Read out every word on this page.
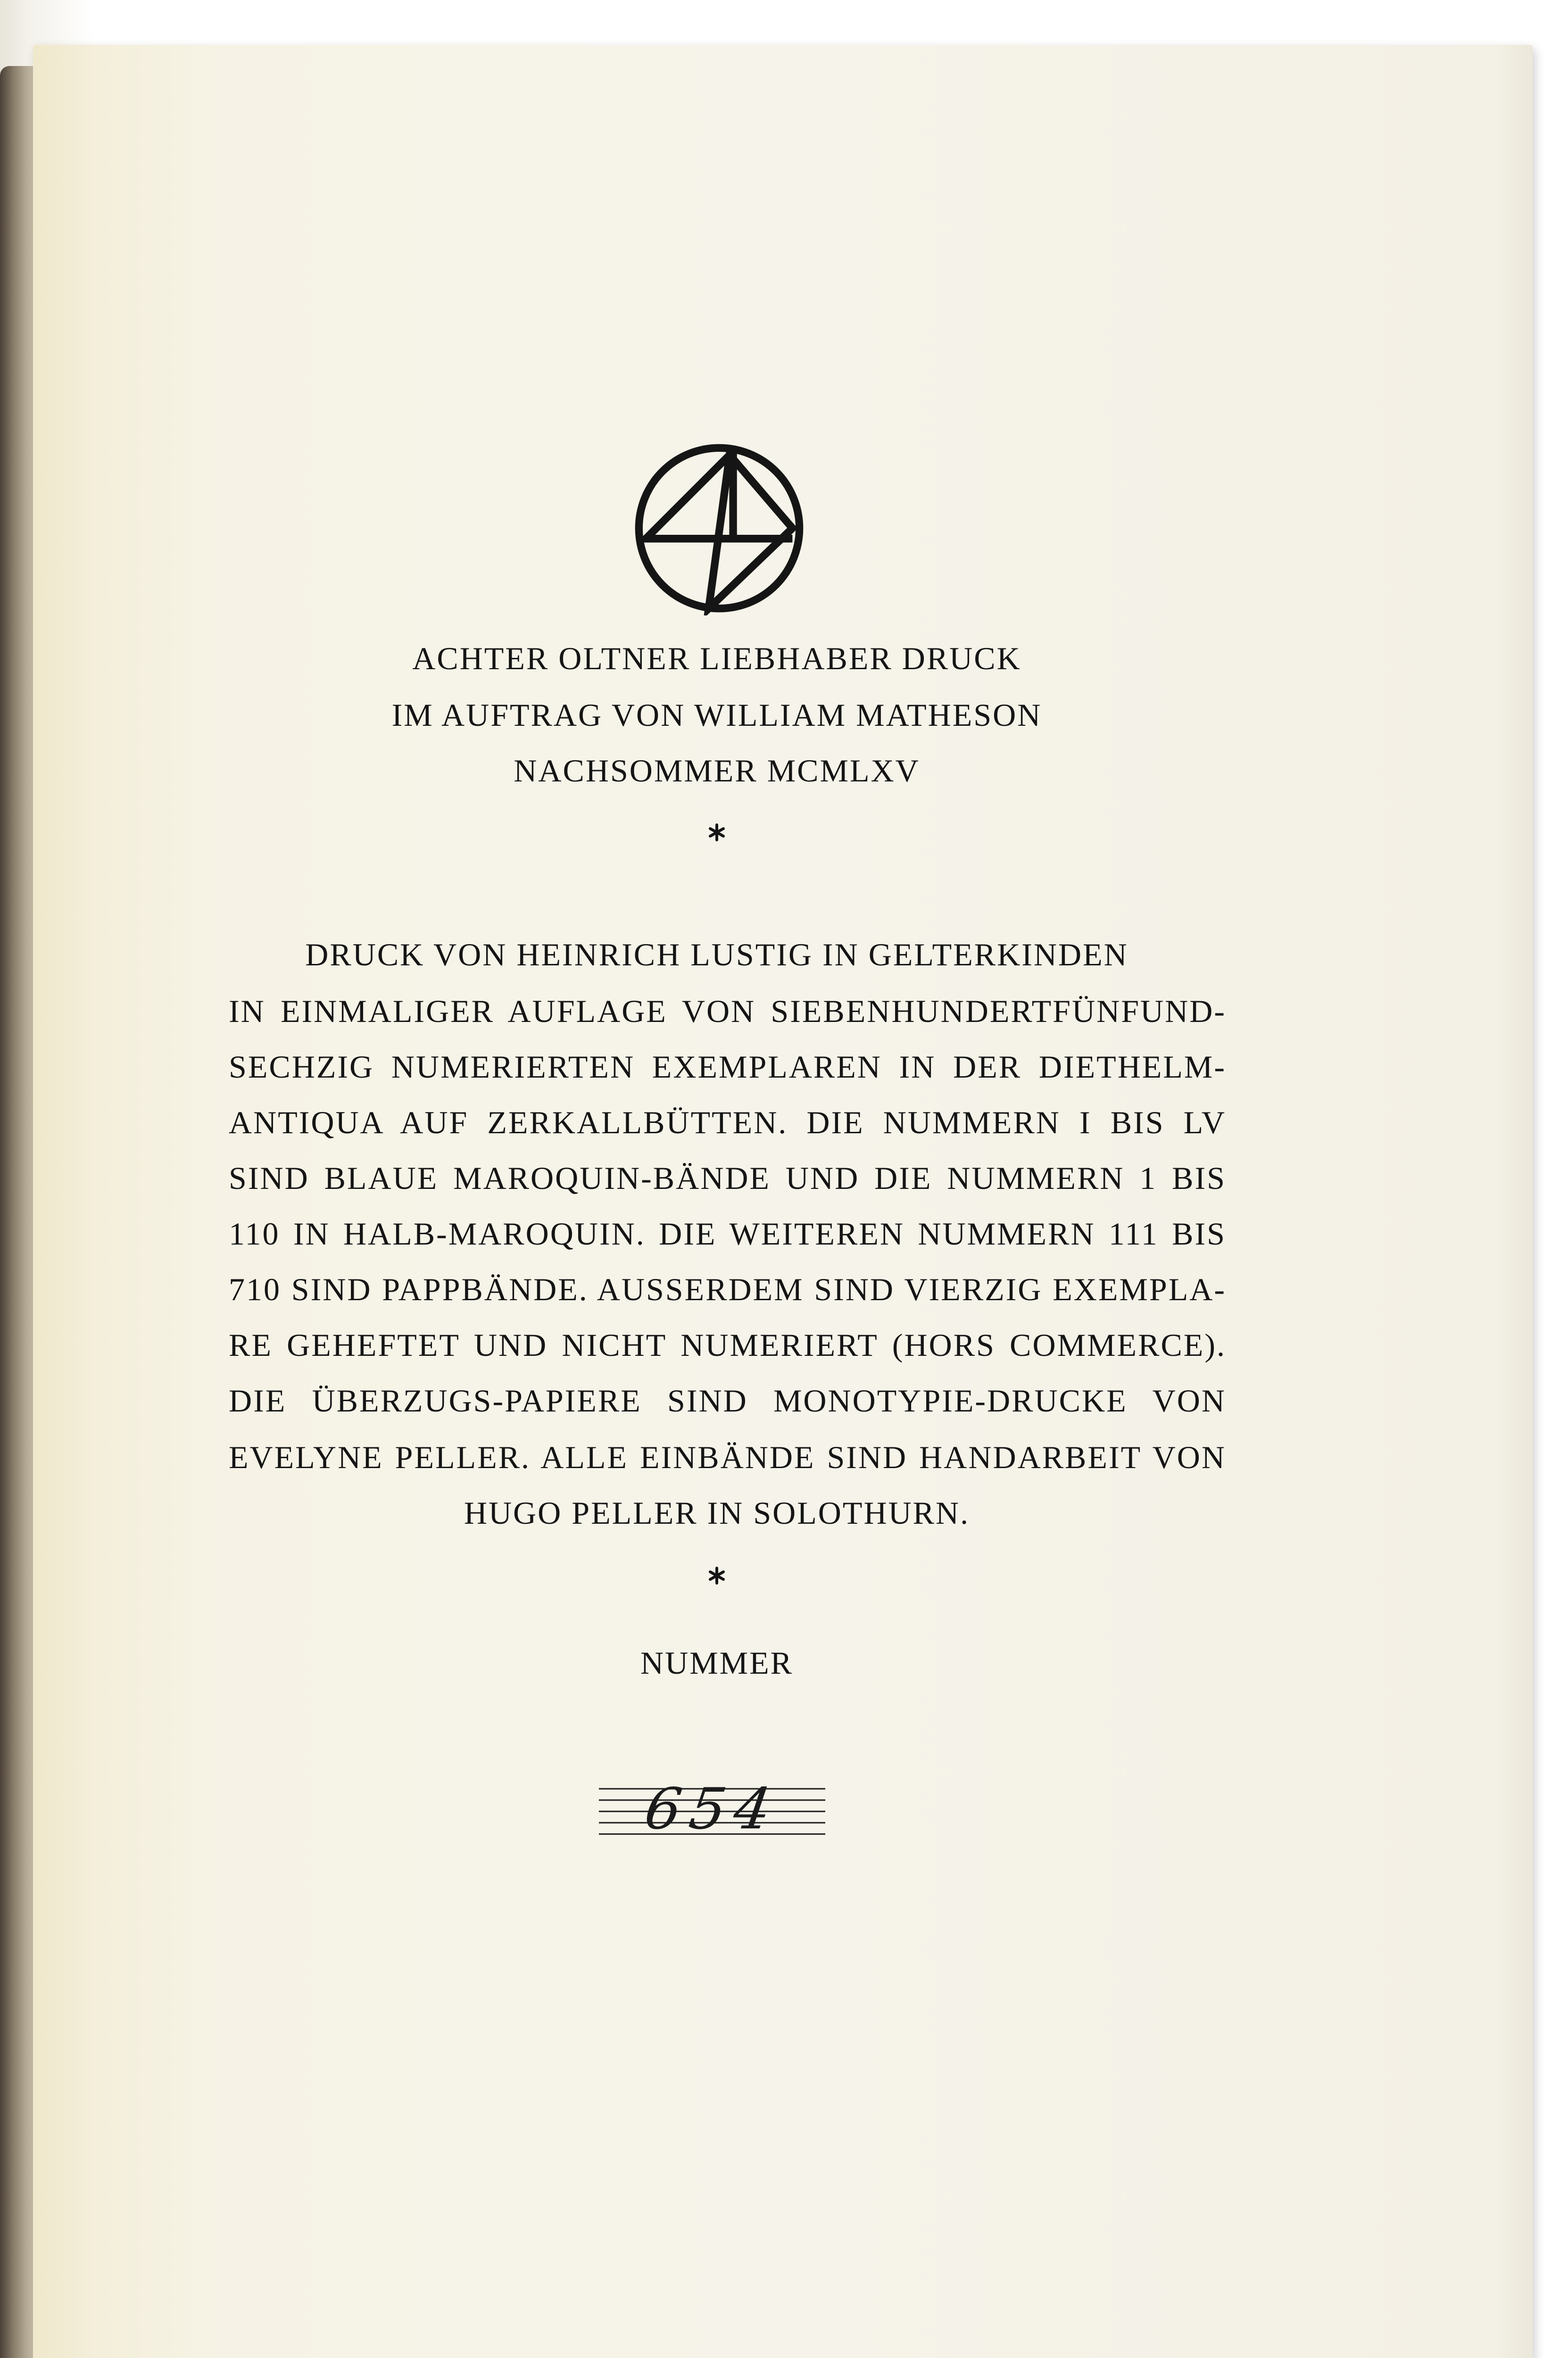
ACHTER OLTNER LIEBHABER DRUCK
IM AUFTRAG VON WILLIAM MATHESON
NACHSOMMER MCMLXV
DRUCK VON HEINRICH LUSTIG IN GELTERKINDEN
IN EINMALIGER AUFLAGE VON SIEBENHUNDERTFÜNFUND-
SECHZIG NUMERIERTEN EXEMPLAREN IN DER DIETHELM-
ANTIQUA AUF ZERKALLBÜTTEN. DIE NUMMERN I BIS LV
SIND BLAUE MAROQUIN-BÄNDE UND DIE NUMMERN 1 BIS
110 IN HALB-MAROQUIN. DIE WEITEREN NUMMERN 111 BIS
710 SIND PAPPBÄNDE. AUSSERDEM SIND VIERZIG EXEMPLA-
RE GEHEFTET UND NICHT NUMERIERT (HORS COMMERCE).
DIE ÜBERZUGS-PAPIERE SIND MONOTYPIE-DRUCKE VON
EVELYNE PELLER. ALLE EINBÄNDE SIND HANDARBEIT VON
HUGO PELLER IN SOLOTHURN.
NUMMER
654
